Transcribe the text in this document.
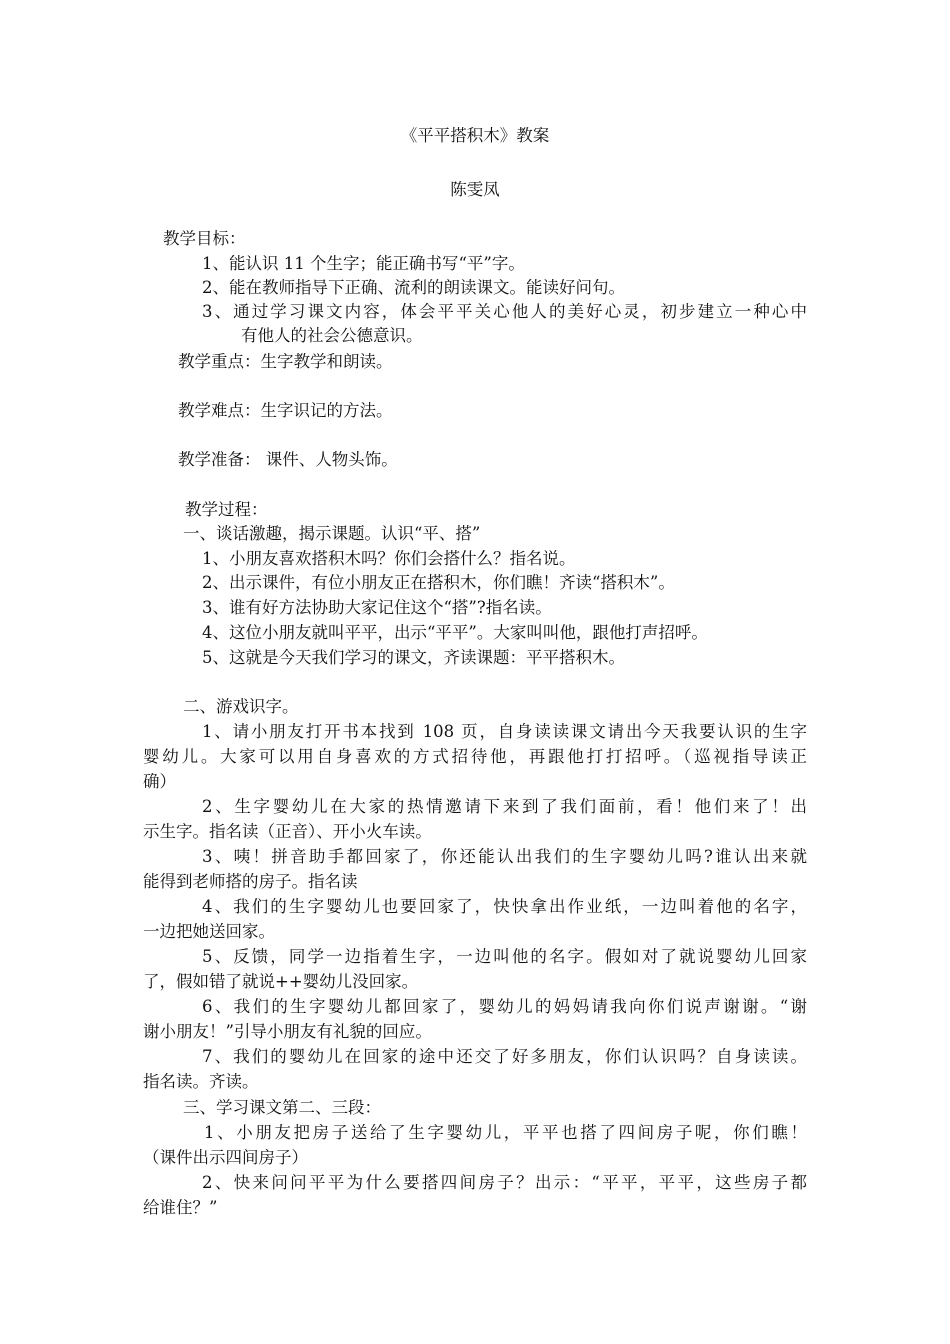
《平平搭积木》教案
陈雯凤
教学目标：
1、能认识 11 个生字；能正确书写“平”字。
2、能在教师指导下正确、流利的朗读课文。能读好问句。
3、通过学习课文内容，体会平平关心他人的美好心灵，初步建立一种心中
有他人的社会公德意识。
教学重点：生字教学和朗读。
教学难点：生字识记的方法。
教学准备： 课件、人物头饰。
教学过程：
一、谈话激趣，揭示课题。认识“平、搭”
1、小朋友喜欢搭积木吗？你们会搭什么？指名说。
2、出示课件，有位小朋友正在搭积木，你们瞧！齐读“搭积木”。
3、谁有好方法协助大家记住这个“搭”?指名读。
4、这位小朋友就叫平平，出示“平平”。大家叫叫他，跟他打声招呼。
5、这就是今天我们学习的课文，齐读课题：平平搭积木。
二、游戏识字。
1、请小朋友打开书本找到 108 页，自身读读课文请出今天我要认识的生字
婴幼儿。大家可以用自身喜欢的方式招待他，再跟他打打招呼。（巡视指导读正
确）
2、生字婴幼儿在大家的热情邀请下来到了我们面前，看！他们来了！出
示生字。指名读（正音）、开小火车读。
3、咦！拼音助手都回家了，你还能认出我们的生字婴幼儿吗?谁认出来就
能得到老师搭的房子。指名读
4、我们的生字婴幼儿也要回家了，快快拿出作业纸，一边叫着他的名字，
一边把她送回家。
5、反馈，同学一边指着生字，一边叫他的名字。假如对了就说婴幼儿回家
了，假如错了就说++婴幼儿没回家。
6、我们的生字婴幼儿都回家了，婴幼儿的妈妈请我向你们说声谢谢。“谢
谢小朋友！”引导小朋友有礼貌的回应。
7、我们的婴幼儿在回家的途中还交了好多朋友，你们认识吗？自身读读。
指名读。齐读。
三、学习课文第二、三段：
1、小朋友把房子送给了生字婴幼儿，平平也搭了四间房子呢，你们瞧！
（课件出示四间房子）
2、快来问问平平为什么要搭四间房子？出示：“平平，平平，这些房子都
给谁住？”
